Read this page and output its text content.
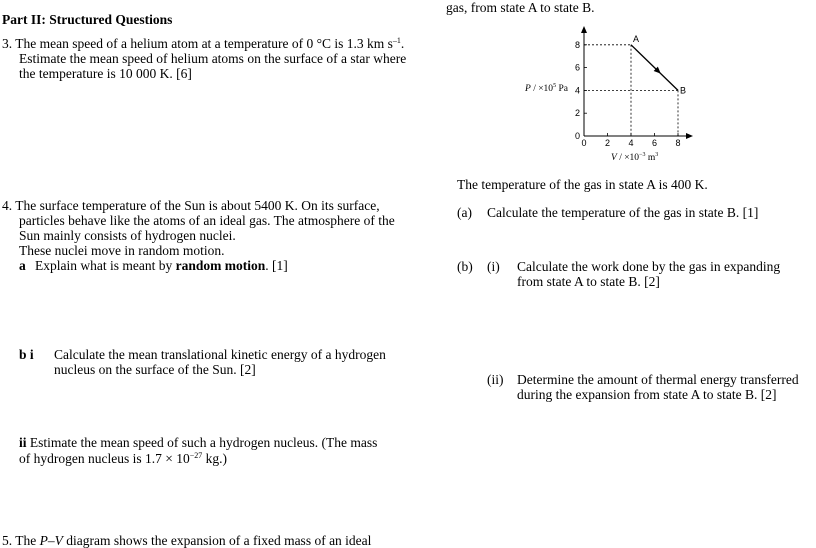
Part II: Structured Questions
3. The mean speed of a helium atom at a temperature of 0 °C is 1.3 km $s^{-1}$.
Estimate the mean speed of helium atoms on the surface of a star where
the temperature is 10 000 K. [6]
4. The surface temperature of the Sun is about 5400 K. On its surface,
particles behave like the atoms of an ideal gas. The atmosphere of the
Sun mainly consists of hydrogen nuclei.
These nuclei move in random motion.
a Explain what is meant by random motion. [1]
b i Calculate the mean translational kinetic energy of a hydrogen
nucleus on the surface of the Sun. [2]
ii Estimate the mean speed of such a hydrogen nucleus. (The mass
of hydrogen nucleus is $1.7 \times 10^{-27}$ kg.)
5. The P–V diagram shows the expansion of a fixed mass of an ideal
gas, from state A to state B.
0 2 4 6 8
0
2
4
6
8
A
B
$P / \times 10^5$ Pa
$V / \times 10^{-3}$ $m^3$
The temperature of the gas in state A is 400 K.
(a) Calculate the temperature of the gas in state B. [1]
(b) (i) Calculate the work done by the gas in expanding
from state A to state B. [2]
(ii) Determine the amount of thermal energy transferred
during the expansion from state A to state B. [2]
